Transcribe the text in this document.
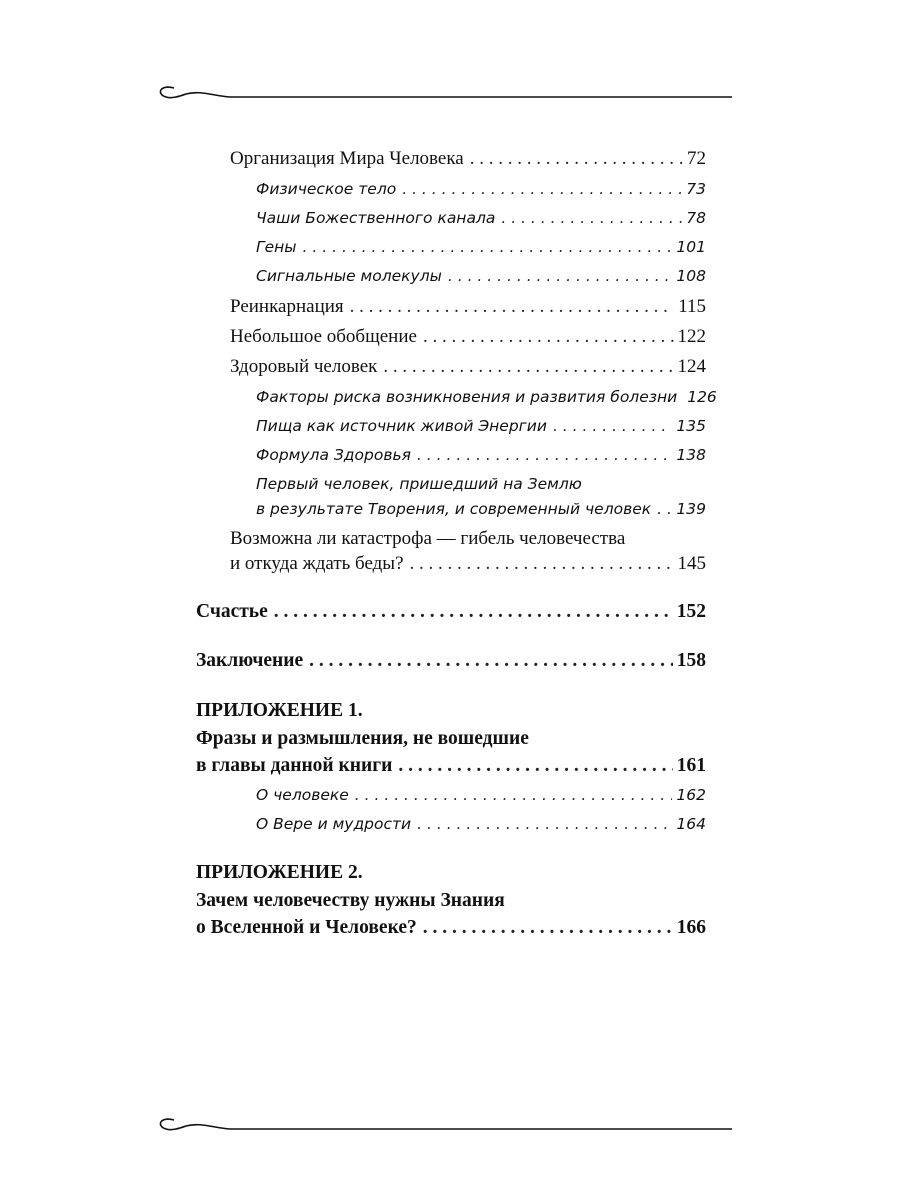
Организация Мира Человека . . .	72
Физическое тело . . .	73
Чаши Божественного канала . . .	78
Гены . . .	101
Сигнальные молекулы . . .	108
Реинкарнация . . .	115
Небольшое обобщение . . .	122
Здоровый человек . . .	124
Факторы риска возникновения и развития болезни 126
Пища как источник живой Энергии . . .	135
Формула Здоровья . . .	138
Первый человек, пришедший на Землю
в результате Творения, и современный человек . . . 139
Возможна ли катастрофа — гибель человечества
и откуда ждать беды? . . .	145
Счастье . . .	152
Заключение . . .	158
ПРИЛОЖЕНИЕ 1.
Фразы и размышления, не вошедшие
в главы данной книги . . .	161
О человеке . . .	162
О Вере и мудрости . . .	164
ПРИЛОЖЕНИЕ 2.
Зачем человечеству нужны Знания
о Вселенной и Человеке? . . .	166
